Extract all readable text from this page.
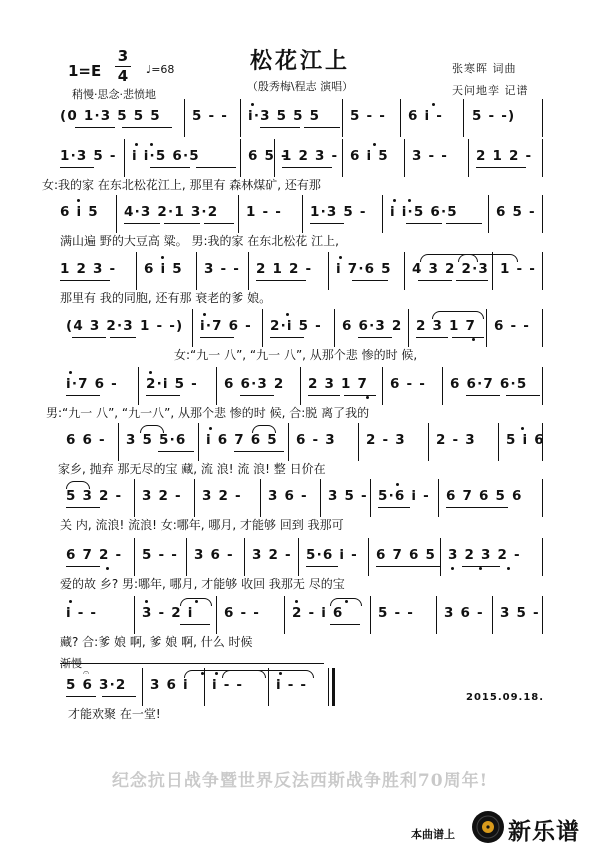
1=E
3
4 ♩=68
稍慢·思念·悲愤地
松花江上
（殷秀梅\程志 演唱）
张寒晖 词曲
天问地孪 记谱
(0 1·3 5 5 5 5 - - i·3 5 5 5 5 - - 6 i - 5 - -)
1·3 5 - i i·5 6·5	6 5 -
1 2 3 - 6 i 5 3 - - 2 1 2 -
女:我的家 在东北松花江上, 那里有 森林煤矿, 还有那
6 i 5 4·3 2·1 3·2 1 - - 1·3 5 - i i·5 6·5	6 5 -
满山遍 野的大豆高 粱。 男:我的家 在东北松花 江上,
1 2 3 - 6 i 5 3 - - 2 1 2 - i 7·6 5 4 3 2 2·3 1 - -
那里有 我的同胞, 还有那 衰老的爹 娘。
(4 3 2·3 1 - -) i·7 6 - 2·i 5 - 6 6·3 2 2 3 1 7 6 - -
女:“九一 八”, “九一 八”, 从那个悲 惨的时 候,
i·7 6 - 2·i 5 - 6 6·3 2 2 3 1 7 6 - - 6 6·7 6·5
男:“九一 八”, “九一八”, 从那个悲 惨的时 候, 合:脱 离了我的
6 6 - 3 5 5·6 i 6 7 6 5 6 - 3 2 - 3 2 - 3 5 i 6
家乡, 抛弃 那无尽的宝 藏, 流 浪! 流 浪! 整 日价在
5 3 2 - 3 2 - 3 2 - 3 6 - 3 5 - 5·6 i - 6 7 6 5 6
关 内, 流浪! 流浪! 女:哪年, 哪月, 才能够 回到 我那可
6 7 2 - 5 - - 3 6 - 3 2 - 5·6 i - 6 7 6 5 3 2 3 2 -
爱的故 乡? 男:哪年, 哪月, 才能够 收回 我那无 尽的宝
i - -	3 - 2 i 6 - - 2 - i 6	5 - - 3 6 - 3 5 -
藏? 合:爹 娘 啊, 爹 娘 啊, 什么 时候
渐慢
𝄐
5 6 3·2 3 6 i i - - i - -
才能欢聚 在一堂!
2015.09.18.
纪念抗日战争暨世界反法西斯战争胜利70周年!
本曲谱上 新乐谱
